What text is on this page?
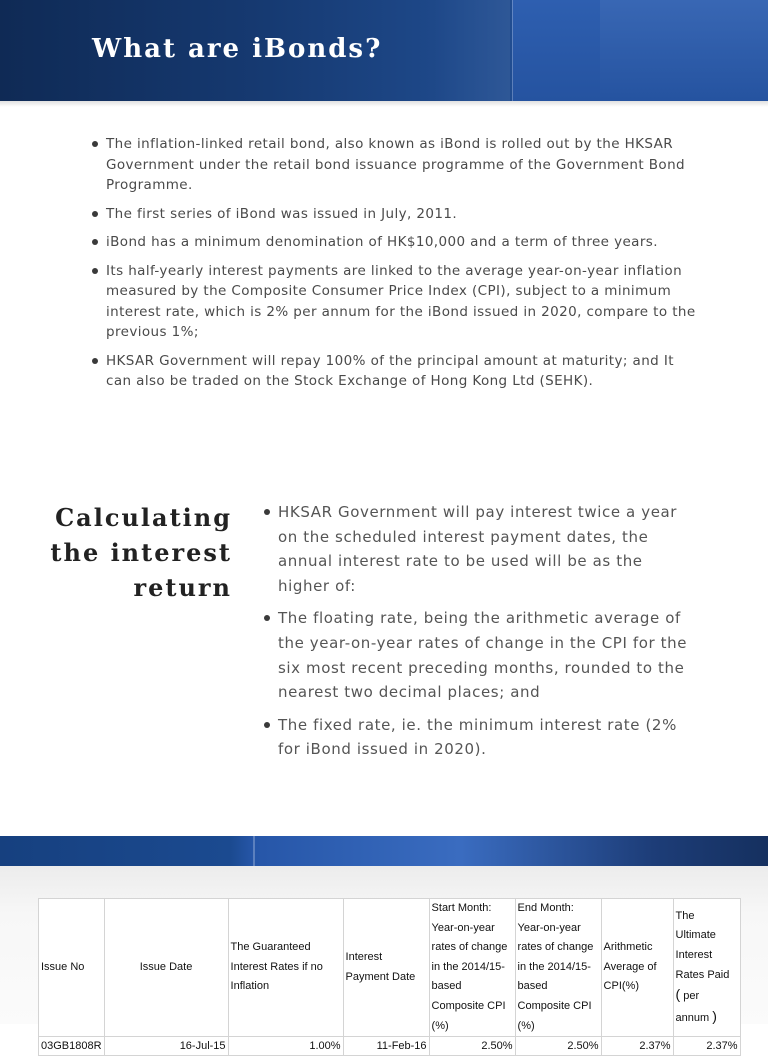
What are iBonds?
The inflation-linked retail bond, also known as iBond is rolled out by the HKSAR Government under the retail bond issuance programme of the Government Bond Programme.
The first series of iBond was issued in July, 2011.
iBond has a minimum denomination of HK$10,000 and a term of three years.
Its half-yearly interest payments are linked to the average year-on-year inflation measured by the Composite Consumer Price Index (CPI), subject to a minimum interest rate, which is 2% per annum for the iBond issued in 2020, compare to the previous 1%;
HKSAR Government will repay 100% of the principal amount at maturity; and It can also be traded on the Stock Exchange of Hong Kong Ltd (SEHK).
Calculating the interest return
HKSAR Government will pay interest twice a year on the scheduled interest payment dates, the annual interest rate to be used will be as the higher of:
The floating rate, being the arithmetic average of the year-on-year rates of change in the CPI for the six most recent preceding months, rounded to the nearest two decimal places; and
The fixed rate, ie. the minimum interest rate (2% for iBond issued in 2020).
Issue No	Issue Date	The Guaranteed Interest Rates if no Inflation	Interest Payment Date	Start Month: Year-on-year rates of change in the 2014/15-based Composite CPI (%)	End Month: Year-on-year rates of change in the 2014/15-based Composite CPI (%)	Arithmetic Average of CPI(%)	The Ultimate Interest Rates Paid
( per
annum )
03GB1808R	16-Jul-15	1.00%	11-Feb-16	2.50%	2.50%	2.37%	2.37%
